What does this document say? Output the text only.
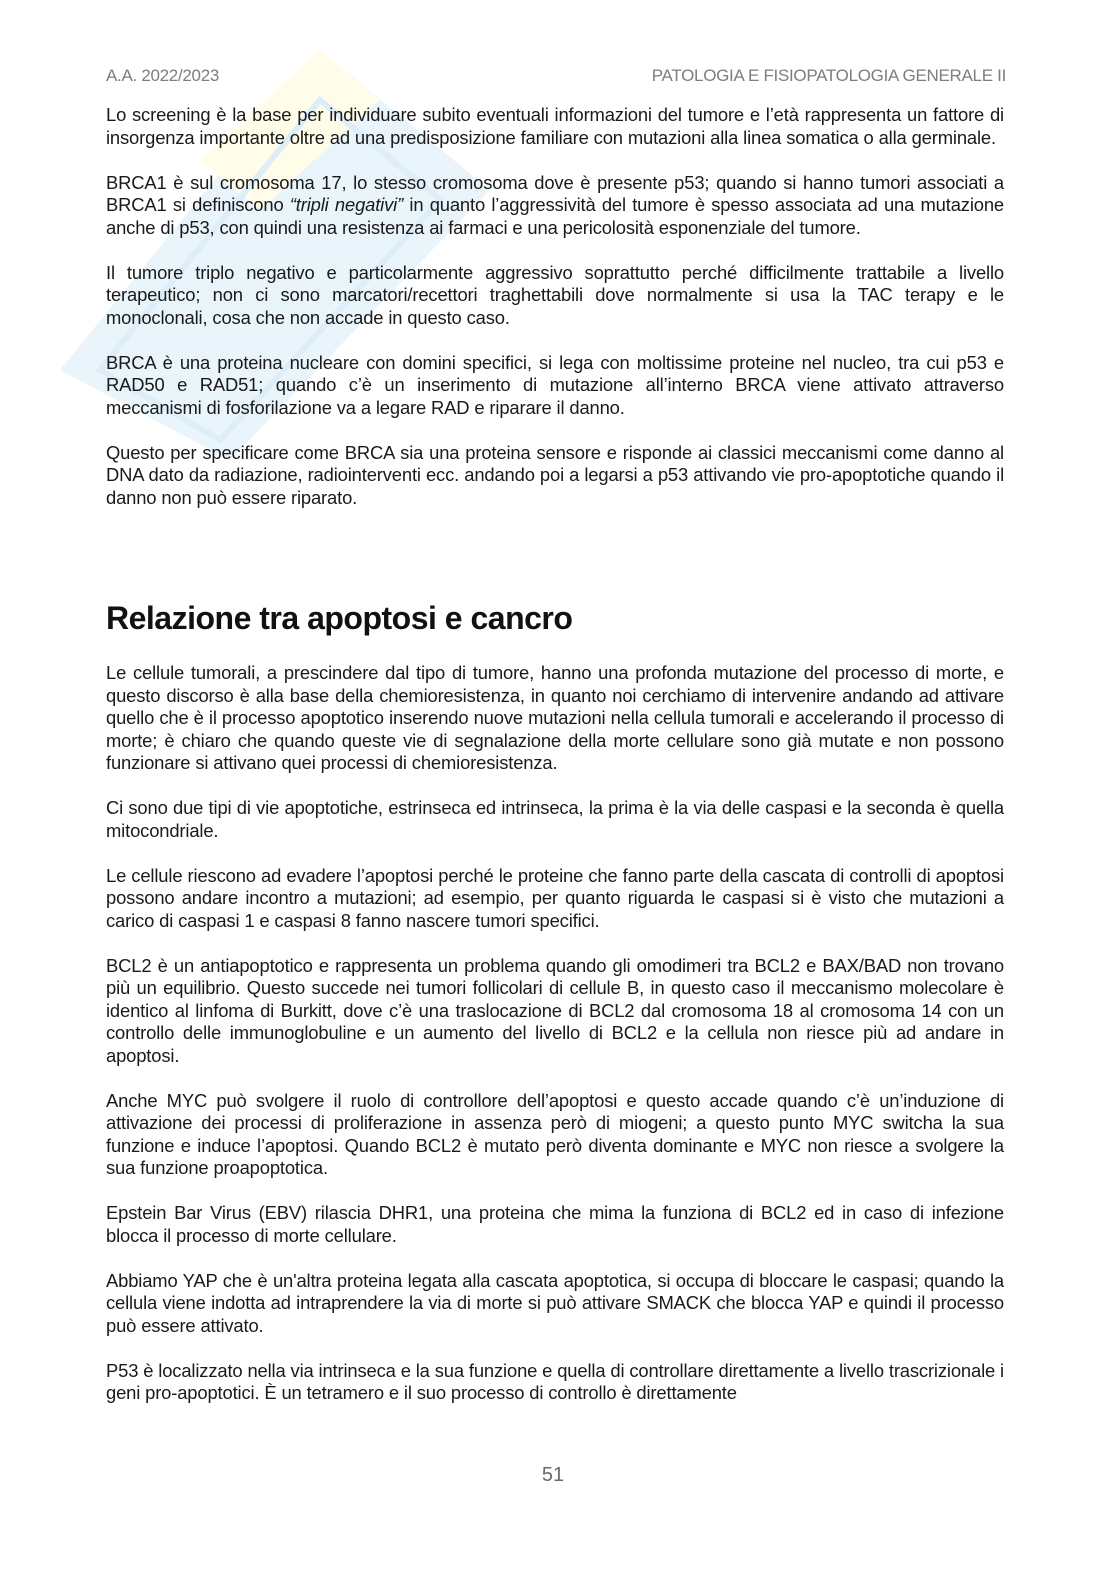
A.A. 2022/2023	PATOLOGIA E FISIOPATOLOGIA GENERALE II

Lo screening è la base per individuare subito eventuali informazioni del tumore e l’età rappresenta un fattore di insorgenza importante oltre ad una predisposizione familiare con mutazioni alla linea somatica o alla germinale.

BRCA1 è sul cromosoma 17, lo stesso cromosoma dove è presente p53; quando si hanno tumori associati a BRCA1 si definiscono “tripli negativi” in quanto l’aggressività del tumore è spesso associata ad una mutazione anche di p53, con quindi una resistenza ai farmaci e una pericolosità esponenziale del tumore.

Il tumore triplo negativo e particolarmente aggressivo soprattutto perché difficilmente trattabile a livello terapeutico; non ci sono marcatori/recettori traghettabili dove normalmente si usa la TAC terapy e le monoclonali, cosa che non accade in questo caso.

BRCA è una proteina nucleare con domini specifici, si lega con moltissime proteine nel nucleo, tra cui p53 e RAD50 e RAD51; quando c’è un inserimento di mutazione all’interno BRCA viene attivato attraverso meccanismi di fosforilazione va a legare RAD e riparare il danno.

Questo per specificare come BRCA sia una proteina sensore e risponde ai classici meccanismi come danno al DNA dato da radiazione, radiointerventi ecc. andando poi a legarsi a p53 attivando vie pro-apoptotiche quando il danno non può essere riparato.

Relazione tra apoptosi e cancro

Le cellule tumorali, a prescindere dal tipo di tumore, hanno una profonda mutazione del processo di morte, e questo discorso è alla base della chemioresistenza, in quanto noi cerchiamo di intervenire andando ad attivare quello che è il processo apoptotico inserendo nuove mutazioni nella cellula tumorali e accelerando il processo di morte; è chiaro che quando queste vie di segnalazione della morte cellulare sono già mutate e non possono funzionare si attivano quei processi di chemioresistenza.

Ci sono due tipi di vie apoptotiche, estrinseca ed intrinseca, la prima è la via delle caspasi e la seconda è quella mitocondriale.

Le cellule riescono ad evadere l’apoptosi perché le proteine che fanno parte della cascata di controlli di apoptosi possono andare incontro a mutazioni; ad esempio, per quanto riguarda le caspasi si è visto che mutazioni a carico di caspasi 1 e caspasi 8 fanno nascere tumori specifici.

BCL2 è un antiapoptotico e rappresenta un problema quando gli omodimeri tra BCL2 e BAX/BAD non trovano più un equilibrio. Questo succede nei tumori follicolari di cellule B, in questo caso il meccanismo molecolare è identico al linfoma di Burkitt, dove c’è una traslocazione di BCL2 dal cromosoma 18 al cromosoma 14 con un controllo delle immunoglobuline e un aumento del livello di BCL2 e la cellula non riesce più ad andare in apoptosi.

Anche MYC può svolgere il ruolo di controllore dell’apoptosi e questo accade quando c’è un’induzione di attivazione dei processi di proliferazione in assenza però di miogeni; a questo punto MYC switcha la sua funzione e induce l’apoptosi. Quando BCL2 è mutato però diventa dominante e MYC non riesce a svolgere la sua funzione proapoptotica.

Epstein Bar Virus (EBV) rilascia DHR1, una proteina che mima la funziona di BCL2 ed in caso di infezione blocca il processo di morte cellulare.

Abbiamo YAP che è un'altra proteina legata alla cascata apoptotica, si occupa di bloccare le caspasi; quando la cellula viene indotta ad intraprendere la via di morte si può attivare SMACK che blocca YAP e quindi il processo può essere attivato.

P53 è localizzato nella via intrinseca e la sua funzione e quella di controllare direttamente a livello trascrizionale i geni pro-apoptotici. È un tetramero e il suo processo di controllo è direttamente

51
